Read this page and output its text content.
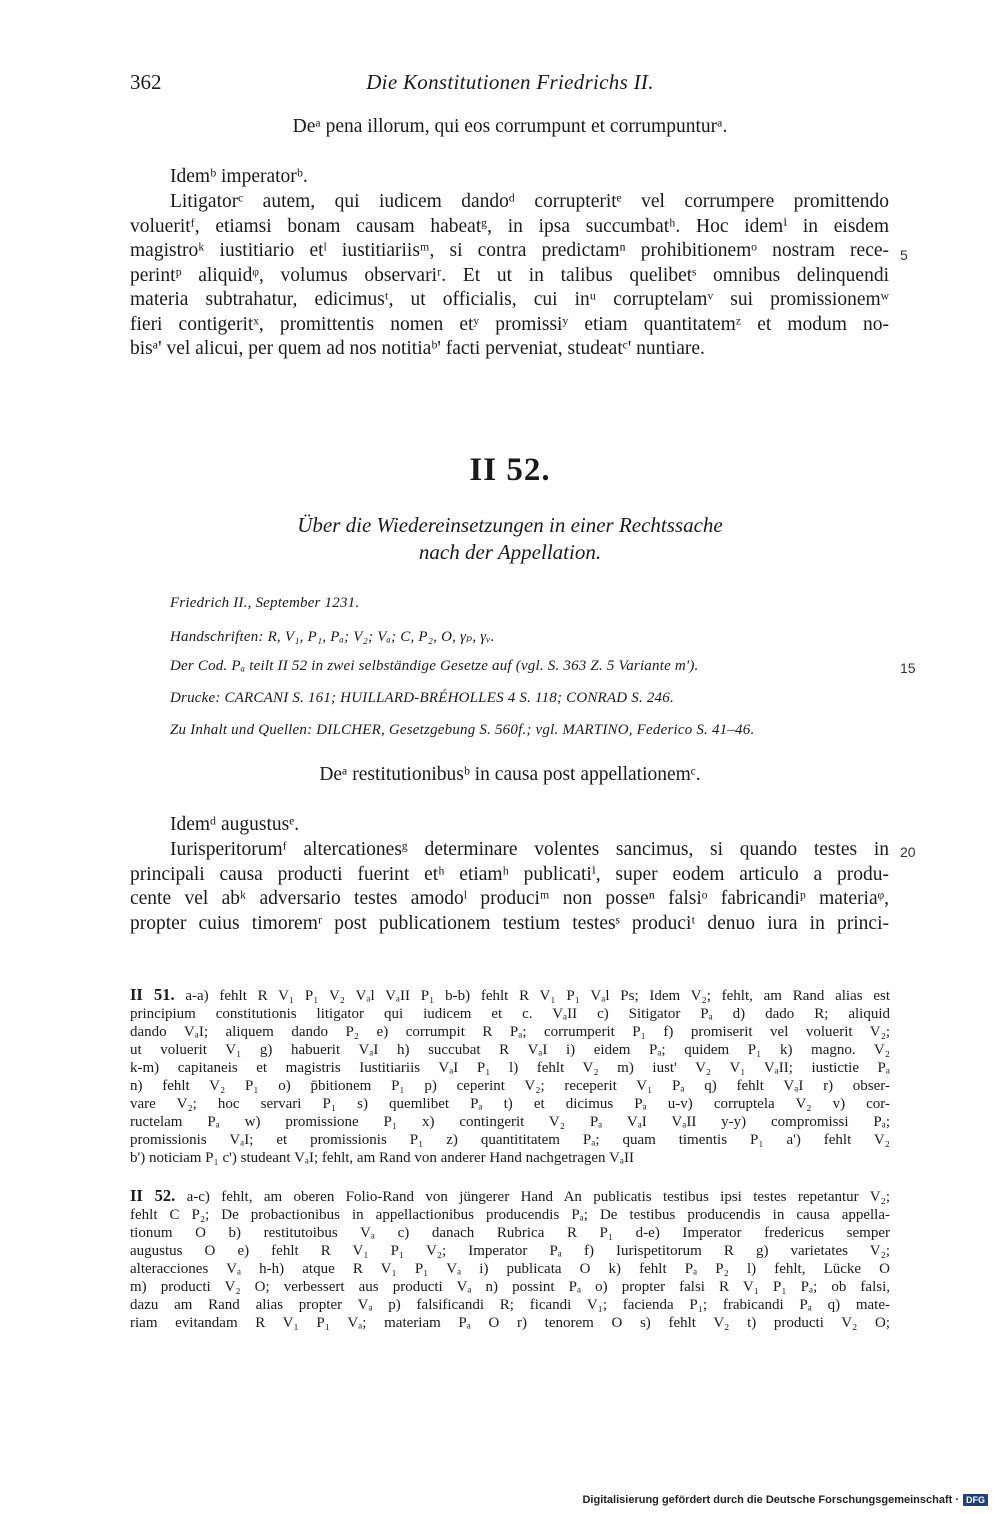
362	Die Konstitutionen Friedrichs II.
Deᵃ pena illorum, qui eos corrumpunt et corrumpunturᵃ.
Idemᵇ imperatorᵇ.
Litigatorᶜ autem, qui iudicem dandoᵈ corrupteritᵉ vel corrumpere promittendo
volueritᶠ, etiamsi bonam causam habeatᵍ, in ipsa succumbatʰ. Hoc idemⁱ in eisdem
magistroᵏ iustitiario etˡ iustitiariisᵐ, si contra predictamⁿ prohibitionemᵒ nostram rece-
perintᵖ aliquidᵠ, volumus observariʳ. Et ut in talibus quelibetˢ omnibus delinquendi
materia subtrahatur, edicimusᵗ, ut officialis, cui inᵘ corruptelamᵛ sui promissionemʷ
fieri contigeritˣ, promittentis nomen etʸ promissiʸ etiam quantitatemᶻ et modum no-
bisᵃ' vel alicui, per quem ad nos notitiaᵇ' facti perveniat, studeatᶜ' nuntiare.
5
II 52.
Über die Wiedereinsetzungen in einer Rechtssache
nach der Appellation.
Friedrich II., September 1231.
Handschriften: R, V₁, P₁, Pₐ; V₂; Vₐ; C, P₂, O, γₚ, γᵥ.
Der Cod. Pₐ teilt II 52 in zwei selbständige Gesetze auf (vgl. S. 363 Z. 5 Variante m').	15
Drucke: CARCANI S. 161; HUILLARD-BRÉHOLLES 4 S. 118; CONRAD S. 246.
Zu Inhalt und Quellen: DILCHER, Gesetzgebung S. 560f.; vgl. MARTINO, Federico S. 41–46.
Deᵃ restitutionibusᵇ in causa post appellationemᶜ.
Idemᵈ augustusᵉ.
Iurisperitorumᶠ altercationesᵍ determinare volentes sancimus, si quando testes in
principali causa producti fuerint etʰ etiamʰ publicatiⁱ, super eodem articulo a produ-
cente vel abᵏ adversario testes amodoˡ produciᵐ non posseⁿ falsiᵒ fabricandiᵖ materiaᵠ,
propter cuius timoremʳ post publicationem testium testesˢ produciᵗ denuo iura in princi-
20
II 51. a-a) fehlt R V₁ P₁ V₂ Vₐl VₐII P₁ b-b) fehlt R V₁ P₁ Vₐl Ps; Idem V₂; fehlt, am Rand alias est
principium constitutionis litigator qui iudicem et c. VₐII c) Sitigator Pₐ d) dado R; aliquid
dando VₐI; aliquem dando P₂ e) corrumpit R Pₐ; corrumperit P₁ f) promiserit vel voluerit V₂;
ut voluerit V₁ g) habuerit VₐI h) succubat R VₐI i) eidem Pₐ; quidem P₁ k) magno. V₂
k-m) capitaneis et magistris Iustitiariis VₐI P₁ l) fehlt V₂ m) iust' V₂ V₁ VₐII; iustictie Pₐ
n) fehlt V₂ P₁ o) p̄bitionem P₁ p) ceperint V₂; receperit V₁ Pₐ q) fehlt VₐI r) obser-
vare V₂; hoc servari P₁ s) quemlibet Pₐ t) et dicimus Pₐ u-v) corruptela V₂ v) cor-
ructelam Pₐ w) promissione P₁ x) contingerit V₂ Pₐ VₐI VₐII y-y) compromissi Pₐ;
promissionis VₐI; et promissionis P₁ z) quantititatem Pₐ; quam timentis P₁ a') fehlt V₂
b') noticiam P₁ c') studeant VₐI; fehlt, am Rand von anderer Hand nachgetragen VₐII
II 52. a-c) fehlt, am oberen Folio-Rand von jüngerer Hand An publicatis testibus ipsi testes repetantur V₂;
fehlt C P₂; De probactionibus in appellactionibus producendis Pₐ; De testibus producendis in causa appella-
tionum O b) restitutoibus Vₐ c) danach Rubrica R P₁ d-e) Imperator fredericus semper
augustus O e) fehlt R V₁ P₁ V₂; Imperator Pₐ f) Iurispetitorum R g) varietates V₂;
alteracciones Vₐ h-h) atque R V₁ P₁ Vₐ i) publicata O k) fehlt Pₐ P₂ l) fehlt, Lücke O
m) producti V₂ O; verbessert aus producti Vₐ n) possint Pₐ o) propter falsi R V₁ P₁ Pₐ; ob falsi,
dazu am Rand alias propter Vₐ p) falsificandi R; ficandi V₁; facienda P₁; frabicandi Pₐ q) mate-
riam evitandam R V₁ P₁ Vₐ; materiam Pₐ O r) tenorem O s) fehlt V₂ t) producti V₂ O;
Digitalisierung gefördert durch die Deutsche Forschungsgemeinschaft · DFG
